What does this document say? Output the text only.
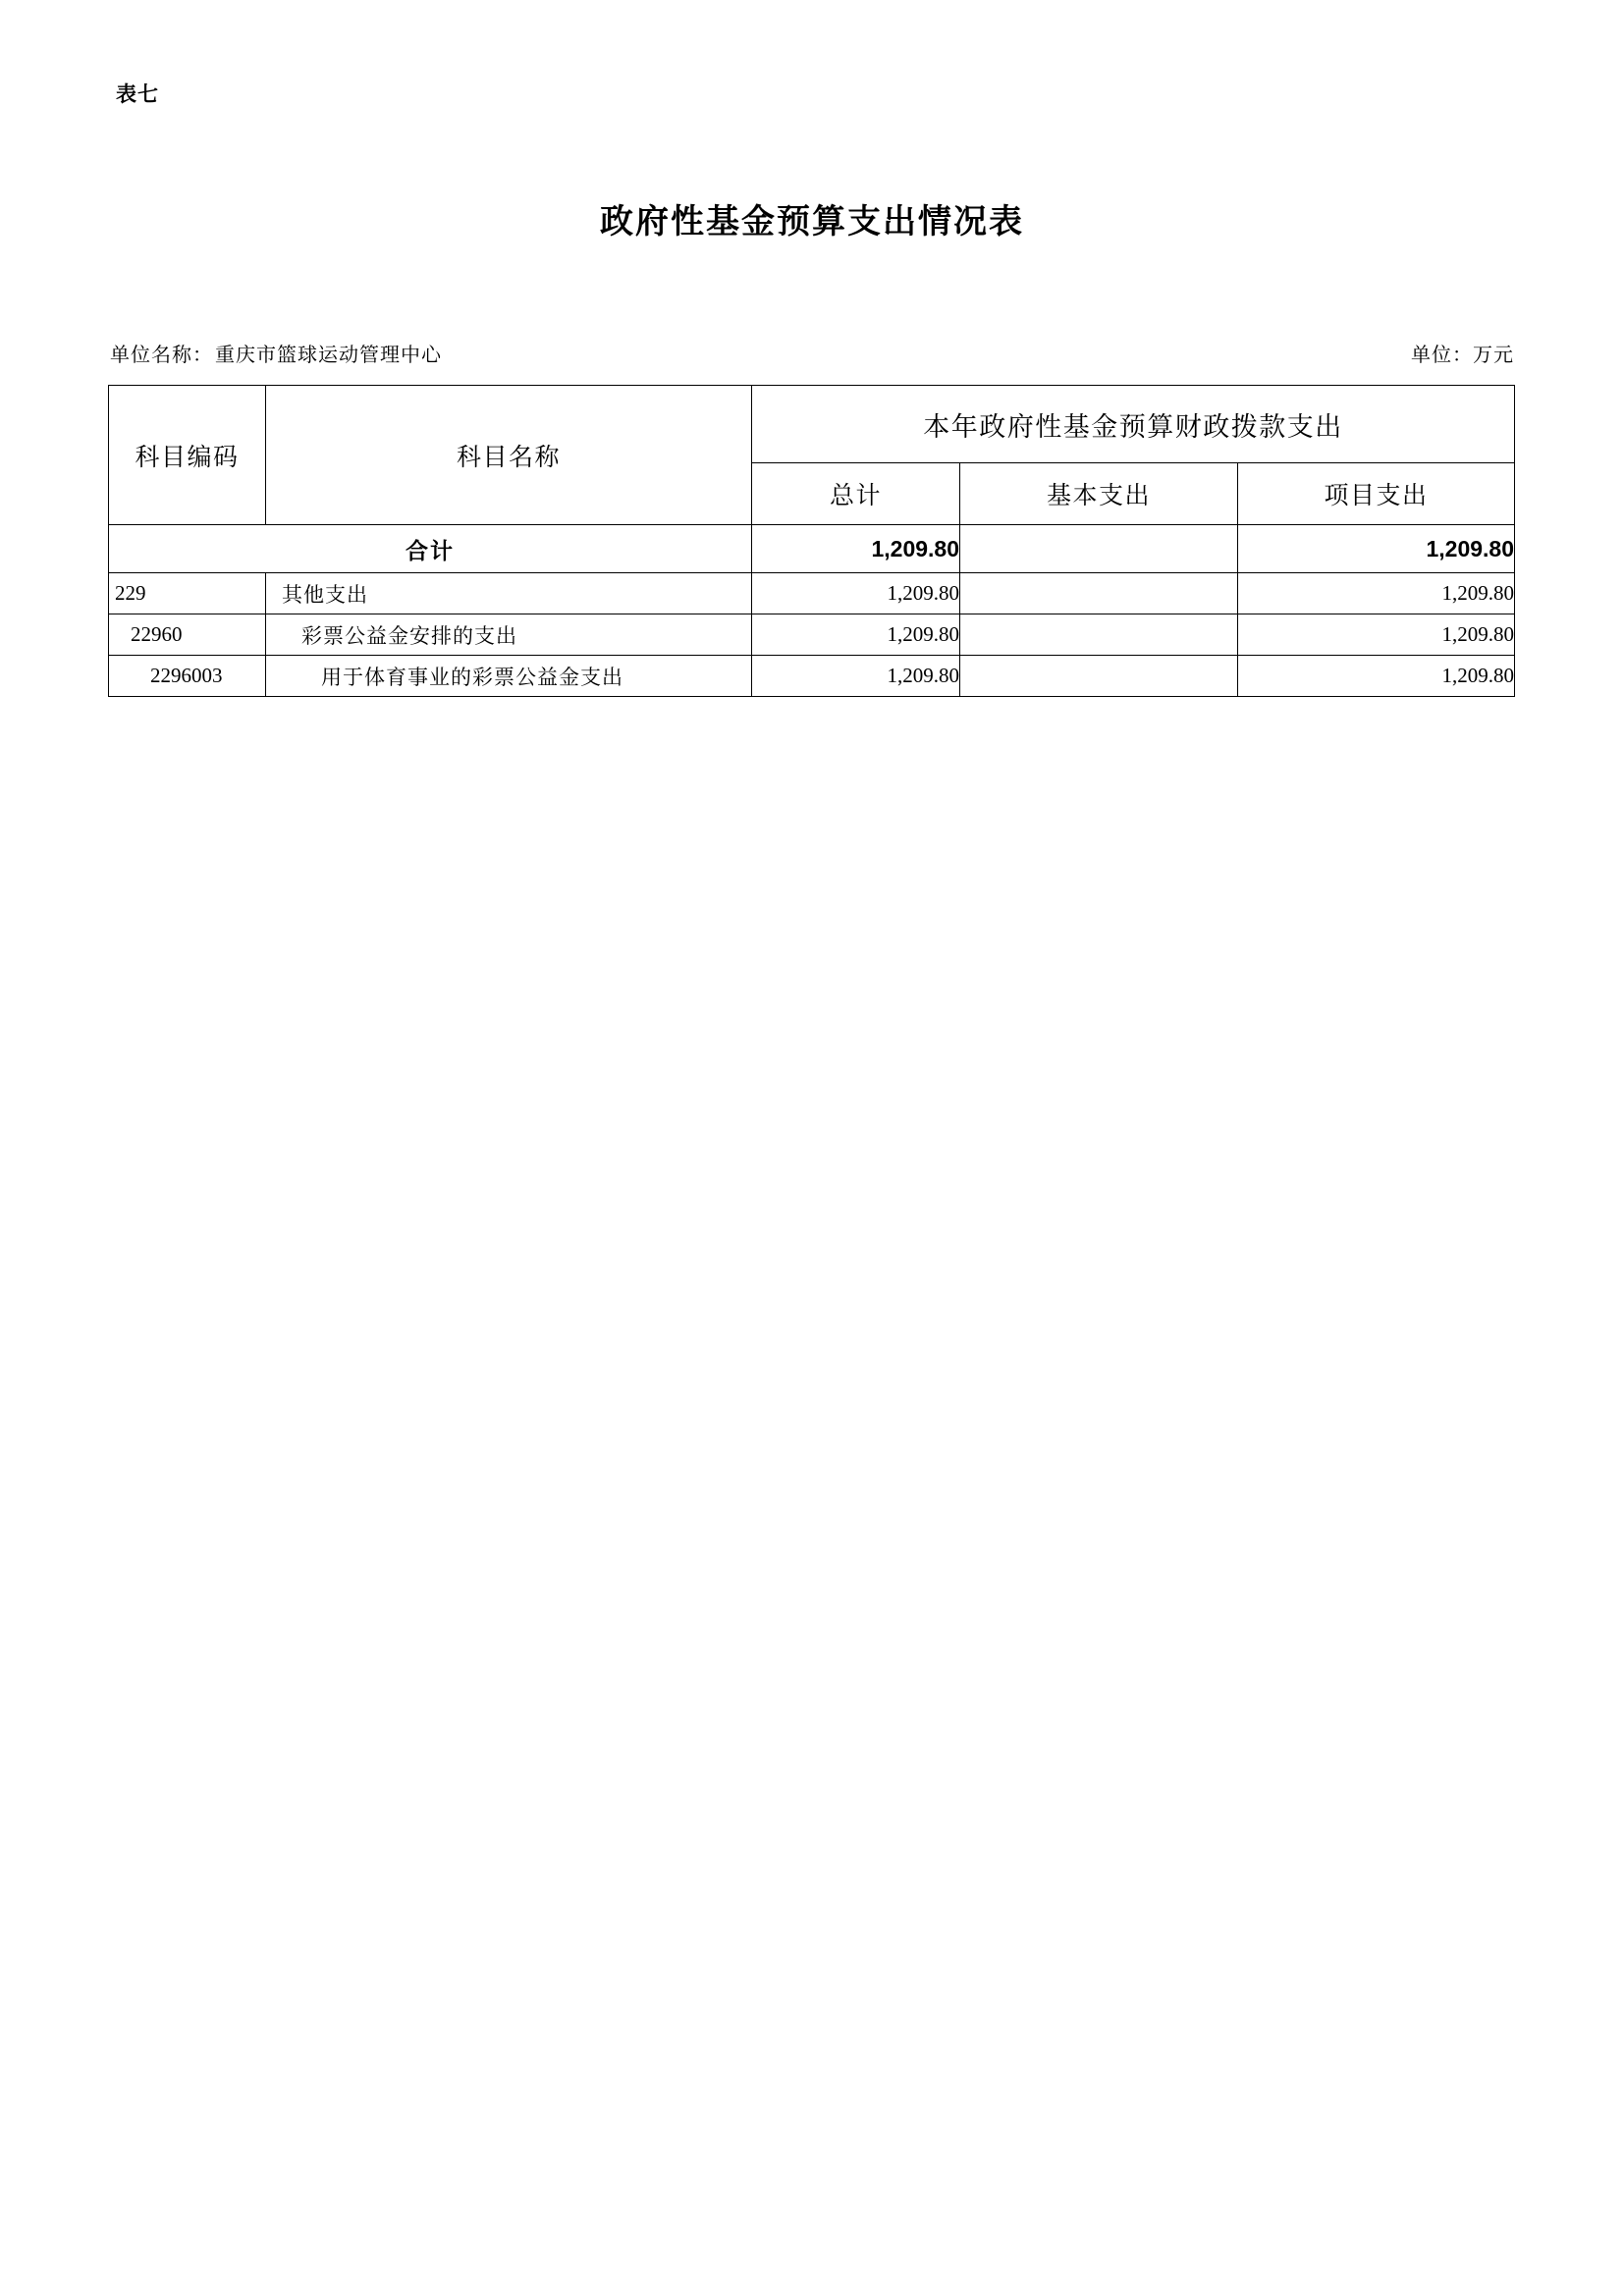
表七
政府性基金预算支出情况表
单位名称： 重庆市篮球运动管理中心	单位：万元
科目编码	科目名称	本年政府性基金预算财政拨款支出		
		总计	基本支出	项目支出
合计		1,209.80		1,209.80
229	其他支出	1,209.80		1,209.80
22960	彩票公益金安排的支出	1,209.80		1,209.80
2296003	用于体育事业的彩票公益金支出	1,209.80		1,209.80
